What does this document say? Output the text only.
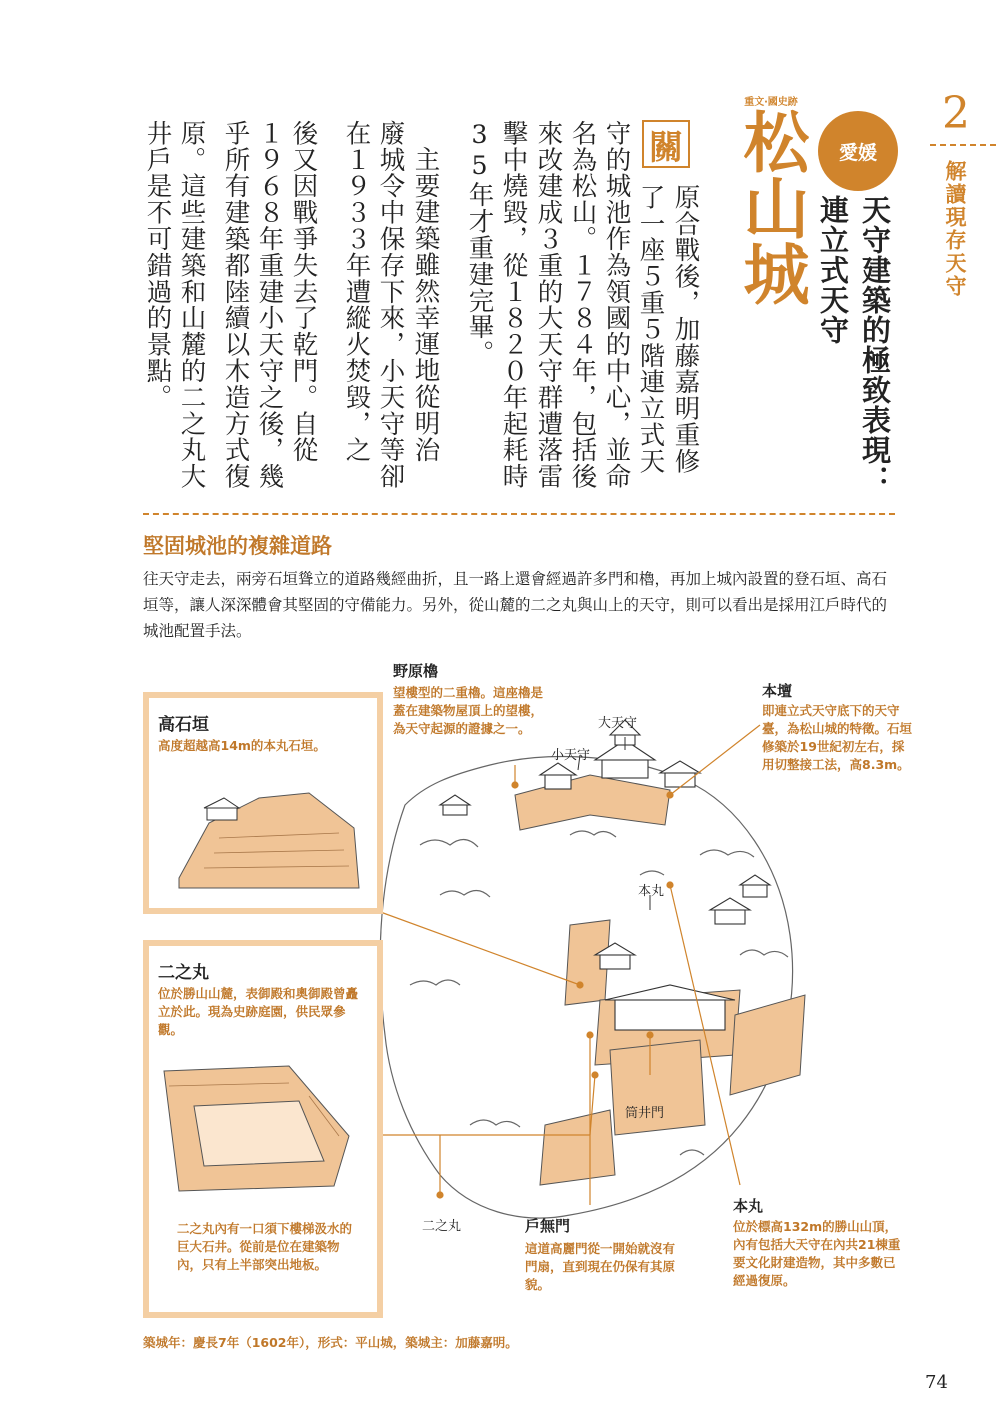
2
解讀現存天守
重文‧國史跡
松山城	愛媛
天守建築的極致表現：
連立式天守
關
原合戰後，加藤嘉明重修
了一座５重５階連立式天
守的城池作為領國的中心，並命
名為松山。１７８４年，包括後
來改建成３重的大天守群遭落雷
擊中燒毀，從１８２０年起耗時
35年才重建完畢。
主要建築雖然幸運地從明治
廢城令中保存下來，小天守等卻
在１９３３年遭縱火焚毀，之
後又因戰爭失去了乾門。自從
１９６８年重建小天守之後，幾
乎所有建築都陸續以木造方式復
原。這些建築和山麓的二之丸大
井戶是不可錯過的景點。
堅固城池的複雜道路
往天守走去，兩旁石垣聳立的道路幾經曲折，且一路上還會經過許多門和櫓，再加上城內設置的登石垣、高石垣等，讓人深深體會其堅固的守備能力。另外，從山麓的二之丸與山上的天守，則可以看出是採用江戶時代的城池配置手法。
高石垣
高度超越高14m的本丸石垣。
二之丸
位於勝山山麓，表御殿和奧御殿曾矗立於此。現為史跡庭園，供民眾參觀。
二之丸內有一口須下樓梯汲水的巨大石井。從前是位在建築物內，只有上半部突出地板。
野原櫓
望樓型的二重櫓。這座櫓是蓋在建築物屋頂上的望樓，為天守起源的證據之一。
本壇
即連立式天守底下的天守臺，為松山城的特徵。石垣修築於19世紀初左右，採用切整接工法，高8.3m。
戶無門
這道高麗門從一開始就沒有門扇，直到現在仍保有其原貌。
本丸
位於標高132m的勝山山頂，內有包括大天守在內共21棟重要文化財建造物，其中多數已經過復原。
大天守
小天守
本丸
筒井門
二之丸
築城年：慶長7年（1602年），形式：平山城，築城主：加藤嘉明。
74
